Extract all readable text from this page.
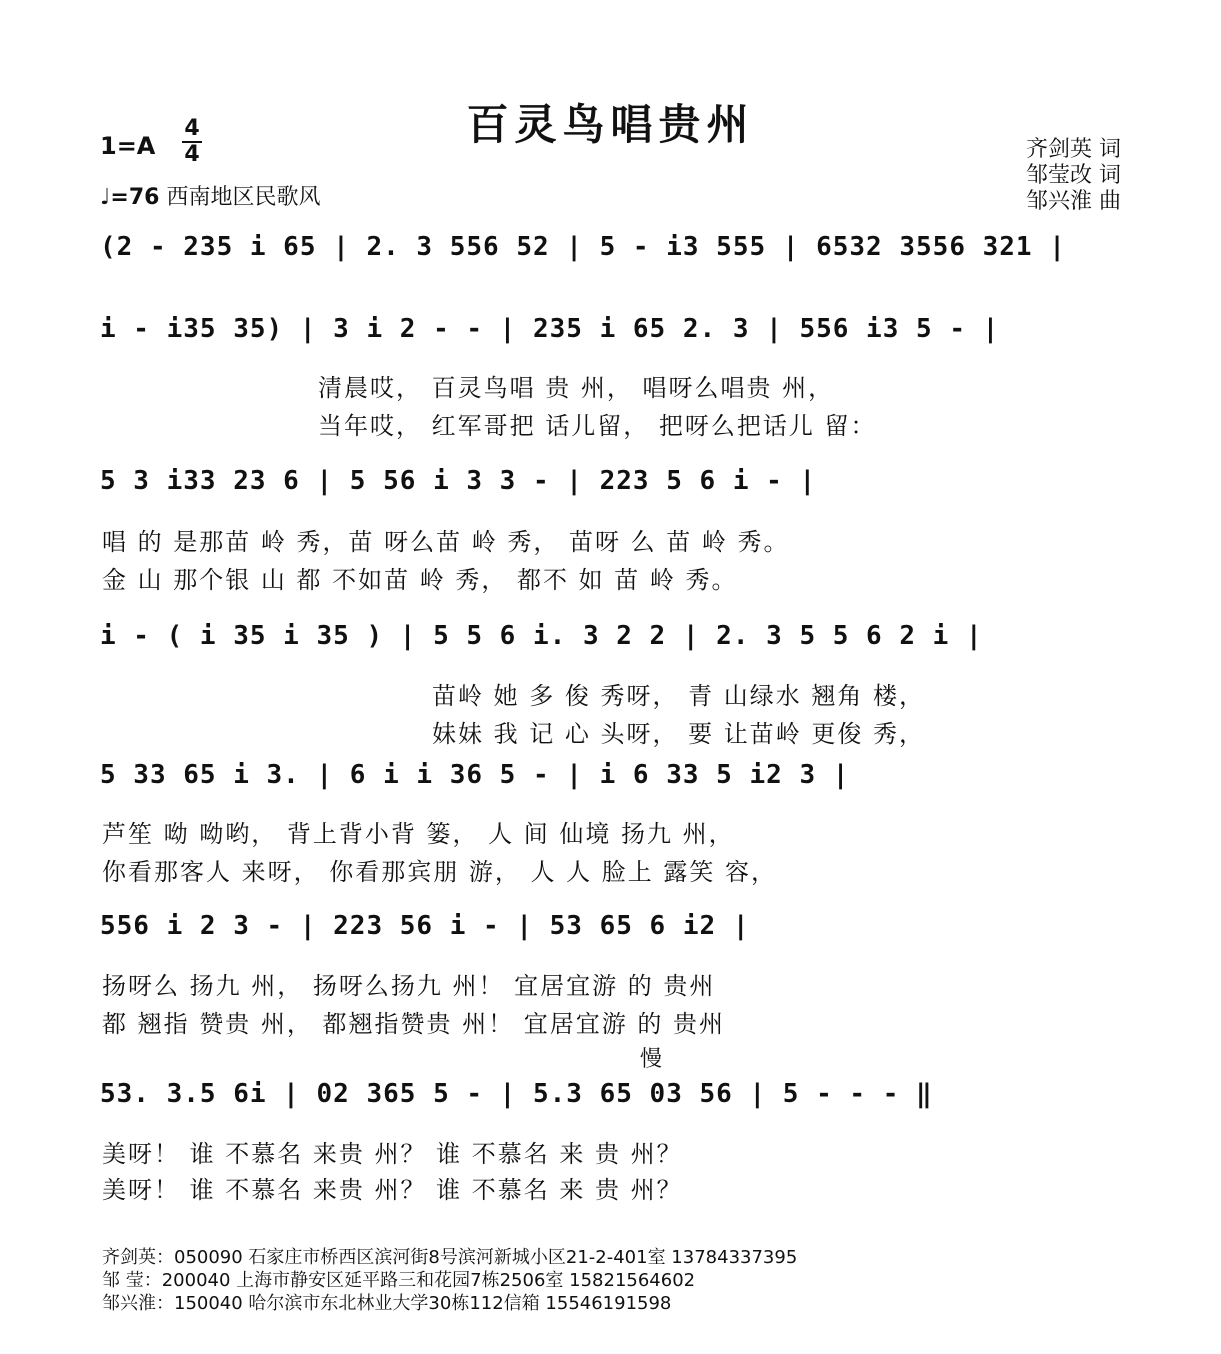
百灵鸟唱贵州
1=A
4
4
♩=76 西南地区民歌风
齐剑英 词
邹莹改 词
邹兴淮 曲
(2 - 235 i 65 | 2. 3 556 52 | 5 - i3 555 | 6532 3556 321 |
i - i35 35) | 3 i 2 - - | 235 i 65 2. 3 | 556 i3 5 - |
清晨哎， 百灵鸟唱 贵 州， 唱呀么唱贵 州，
当年哎， 红军哥把 话儿留， 把呀么把话儿 留：
5 3 i33 23 6 | 5 56 i 3 3 - | 223 5 6 i - |
唱 的 是那苗 岭 秀，苗 呀么苗 岭 秀， 苗呀 么 苗 岭 秀。
金 山 那个银 山 都 不如苗 岭 秀， 都不 如 苗 岭 秀。
i - ( i 35 i 35 ) | 5 5 6 i. 3 2 2 | 2. 3 5 5 6 2 i |
苗岭 她 多 俊 秀呀， 青 山绿水 翘角 楼，
妹妹 我 记 心 头呀， 要 让苗岭 更俊 秀，
5 33 65 i 3. | 6 i i 36 5 - | i 6 33 5 i2 3 |
芦笙 呦 呦哟， 背上背小背 篓， 人 间 仙境 扬九 州，
你看那客人 来呀， 你看那宾朋 游， 人 人 脸上 露笑 容，
556 i 2 3 - | 223 56 i - | 53 65 6 i2 |
扬呀么 扬九 州， 扬呀么扬九 州！ 宜居宜游 的 贵州
都 翘指 赞贵 州， 都翘指赞贵 州！ 宜居宜游 的 贵州
慢
53. 3.5 6i | 02 365 5 - | 5.3 65 03 56 | 5 - - - ‖
美呀！ 谁 不慕名 来贵 州？ 谁 不慕名 来 贵 州？
美呀！ 谁 不慕名 来贵 州？ 谁 不慕名 来 贵 州？
齐剑英：050090 石家庄市桥西区滨河街8号滨河新城小区21-2-401室 13784337395
邹 莹：200040 上海市静安区延平路三和花园7栋2506室 15821564602
邹兴淮：150040 哈尔滨市东北林业大学30栋112信箱 15546191598
